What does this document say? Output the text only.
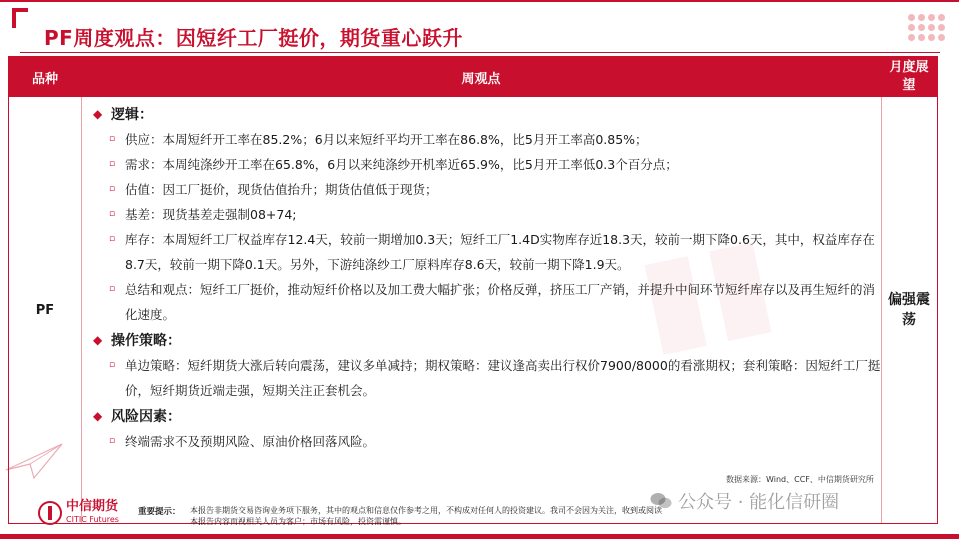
PF周度观点：因短纤工厂挺价，期货重心跃升
▮▮
品种	周观点
月度展望
PF
偏强震荡
◆ 逻辑：
▫ 供应：本周短纤开工率在85.2%；6月以来短纤平均开工率在86.8%，比5月开工率高0.85%；
▫ 需求：本周纯涤纱开工率在65.8%，6月以来纯涤纱开机率近65.9%，比5月开工率低0.3个百分点；
▫ 估值：因工厂挺价，现货估值抬升；期货估值低于现货；
▫ 基差：现货基差走强制08+74;
▫ 库存：本周短纤工厂权益库存12.4天，较前一期增加0.3天；短纤工厂1.4D实物库存近18.3天，较前一期下降0.6天，其中，权益库存在8.7天，较前一期下降0.1天。另外，下游纯涤纱工厂原料库存8.6天，较前一期下降1.9天。
▫ 总结和观点：短纤工厂挺价，推动短纤价格以及加工费大幅扩张；价格反弹，挤压工厂产销，并提升中间环节短纤库存以及再生短纤的消化速度。
◆ 操作策略：
▫ 单边策略：短纤期货大涨后转向震荡，建议多单减持；期权策略：建议逢高卖出行权价7900/8000的看涨期权；套利策略：因短纤工厂挺价，短纤期货近端走强，短期关注正套机会。
◆ 风险因素：
▫ 终端需求不及预期风险、原油价格回落风险。
数据来源：Wind、CCF、中信期货研究所
公众号 · 能化信研圈
中信期货
CITIC Futures
重要提示： 本报告非期货交易咨询业务项下服务，其中的观点和信息仅作参考之用，不构成对任何人的投资建议。我司不会因为关注，收到或阅读
本报告内容而视相关人员为客户；市场有风险，投资需谨慎。
